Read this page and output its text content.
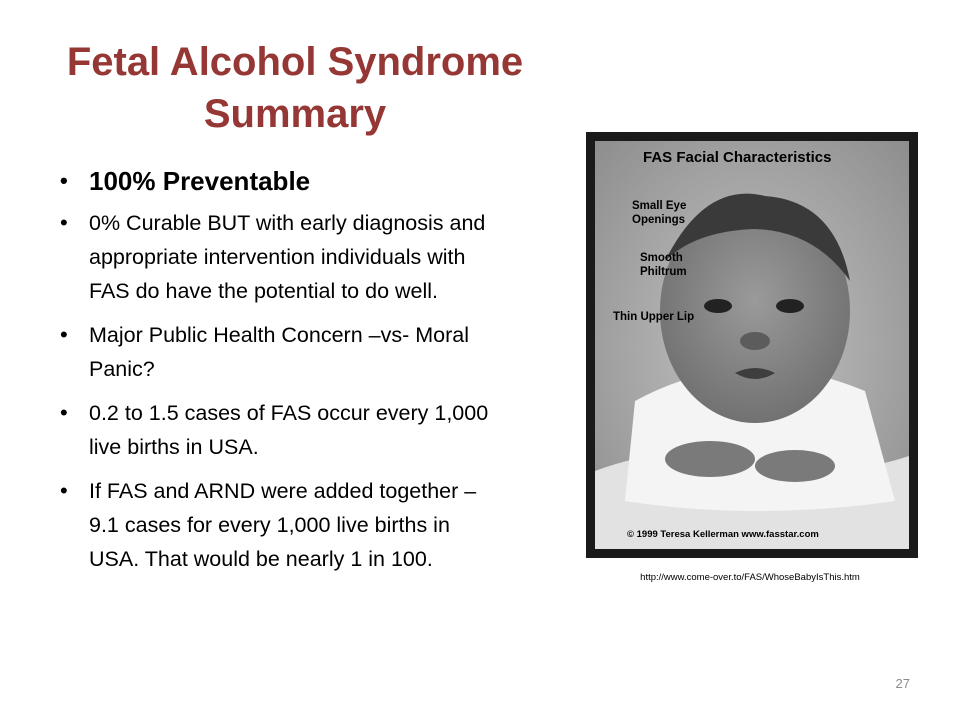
Fetal Alcohol Syndrome
Summary
• 100% Preventable
• 0% Curable BUT with early diagnosis and appropriate intervention individuals with FAS do have the potential to do well.
• Major Public Health Concern –vs- Moral Panic?
• 0.2 to 1.5 cases of FAS occur every 1,000 live births in USA.
• If FAS and ARND were added together – 9.1 cases for every 1,000 live births in USA. That would be nearly 1 in 100.
FAS Facial Characteristics
Small Eye
Openings
Smooth
Philtrum
Thin Upper Lip
© 1999 Teresa Kellerman www.fasstar.com
http://www.come-over.to/FAS/WhoseBabyIsThis.htm
27
